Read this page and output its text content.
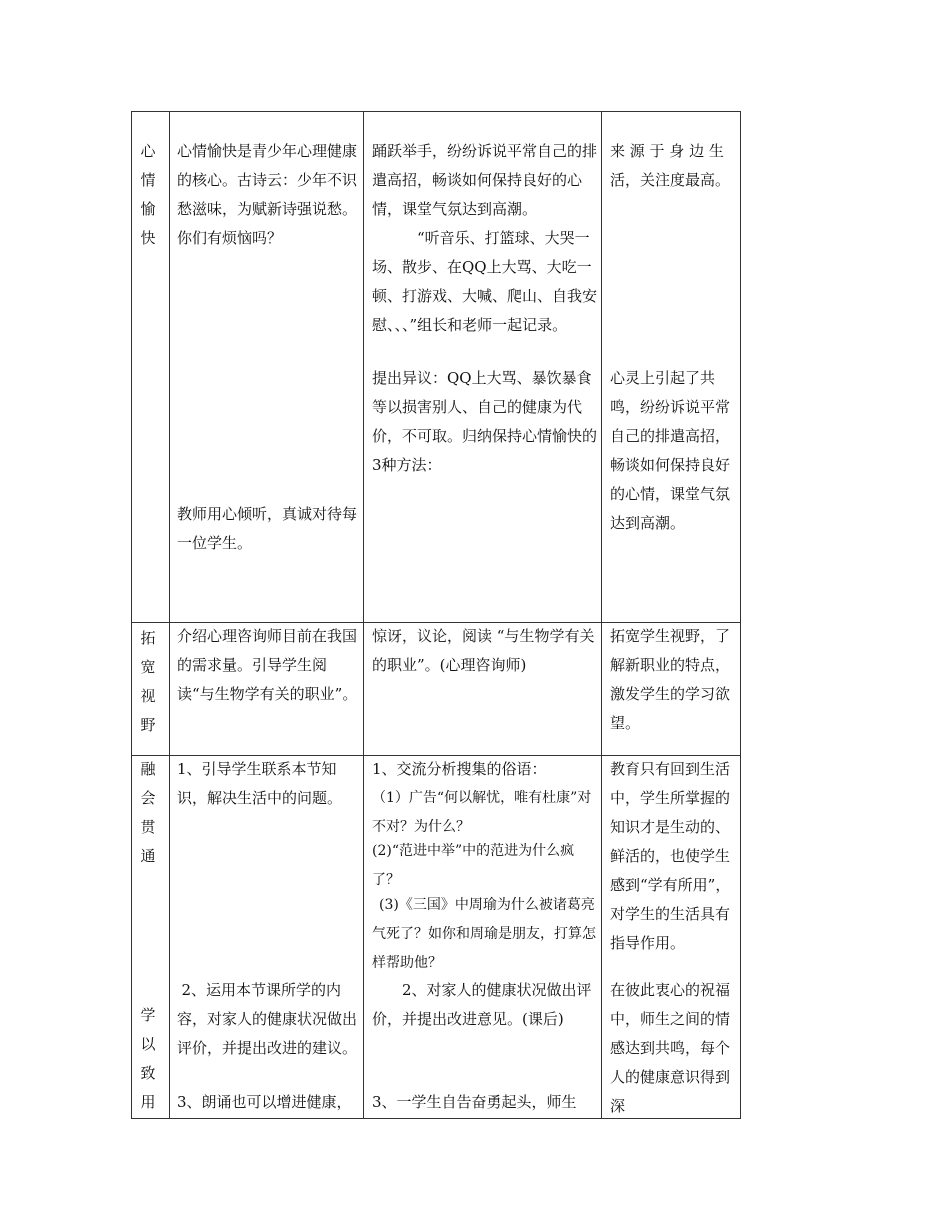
心
情
愉
快
心情愉快是青少年心理健康的核心。古诗云：少年不识愁滋味，为赋新诗强说愁。你们有烦恼吗？
教师用心倾听，真诚对待每一位学生。
踊跃举手，纷纷诉说平常自己的排遣高招，畅谈如何保持良好的心情，课堂气氛达到高潮。
“听音乐、打篮球、大哭一场、散步、在QQ上大骂、大吃一顿、打游戏、大喊、爬山、自我安慰、、、”组长和老师一起记录。
提出异议：QQ上大骂、暴饮暴食等以损害别人、自己的健康为代价，不可取。归纳保持心情愉快的3种方法：
来 源 于 身 边 生活，关注度最高。
心灵上引起了共鸣，纷纷诉说平常自己的排遣高招，畅谈如何保持良好的心情，课堂气氛达到高潮。
拓
宽
视
野
介绍心理咨询师目前在我国的需求量。引导学生阅读“与生物学有关的职业”。
惊讶，议论，阅读 “与生物学有关的职业”。(心理咨询师)
拓宽学生视野，了解新职业的特点，激发学生的学习欲望。
融
会
贯
通
学
以
致
用
1、引导学生联系本节知识，解决生活中的问题。
2、运用本节课所学的内容，对家人的健康状况做出评价，并提出改进的建议。
3、朗诵也可以增进健康，
1、交流分析搜集的俗语：
（1）广告“何以解忧，唯有杜康”对不对？为什么？
(2)“范进中举”中的范进为什么疯了？
(3)《三国》中周瑜为什么被诸葛亮气死了？如你和周瑜是朋友，打算怎样帮助他？
2、对家人的健康状况做出评价，并提出改进意见。(课后)
3、一学生自告奋勇起头，师生
教育只有回到生活中，学生所掌握的知识才是生动的、鲜活的，也使学生感到“学有所用”，对学生的生活具有指导作用。
在彼此衷心的祝福中，师生之间的情感达到共鸣，每个人的健康意识得到深
